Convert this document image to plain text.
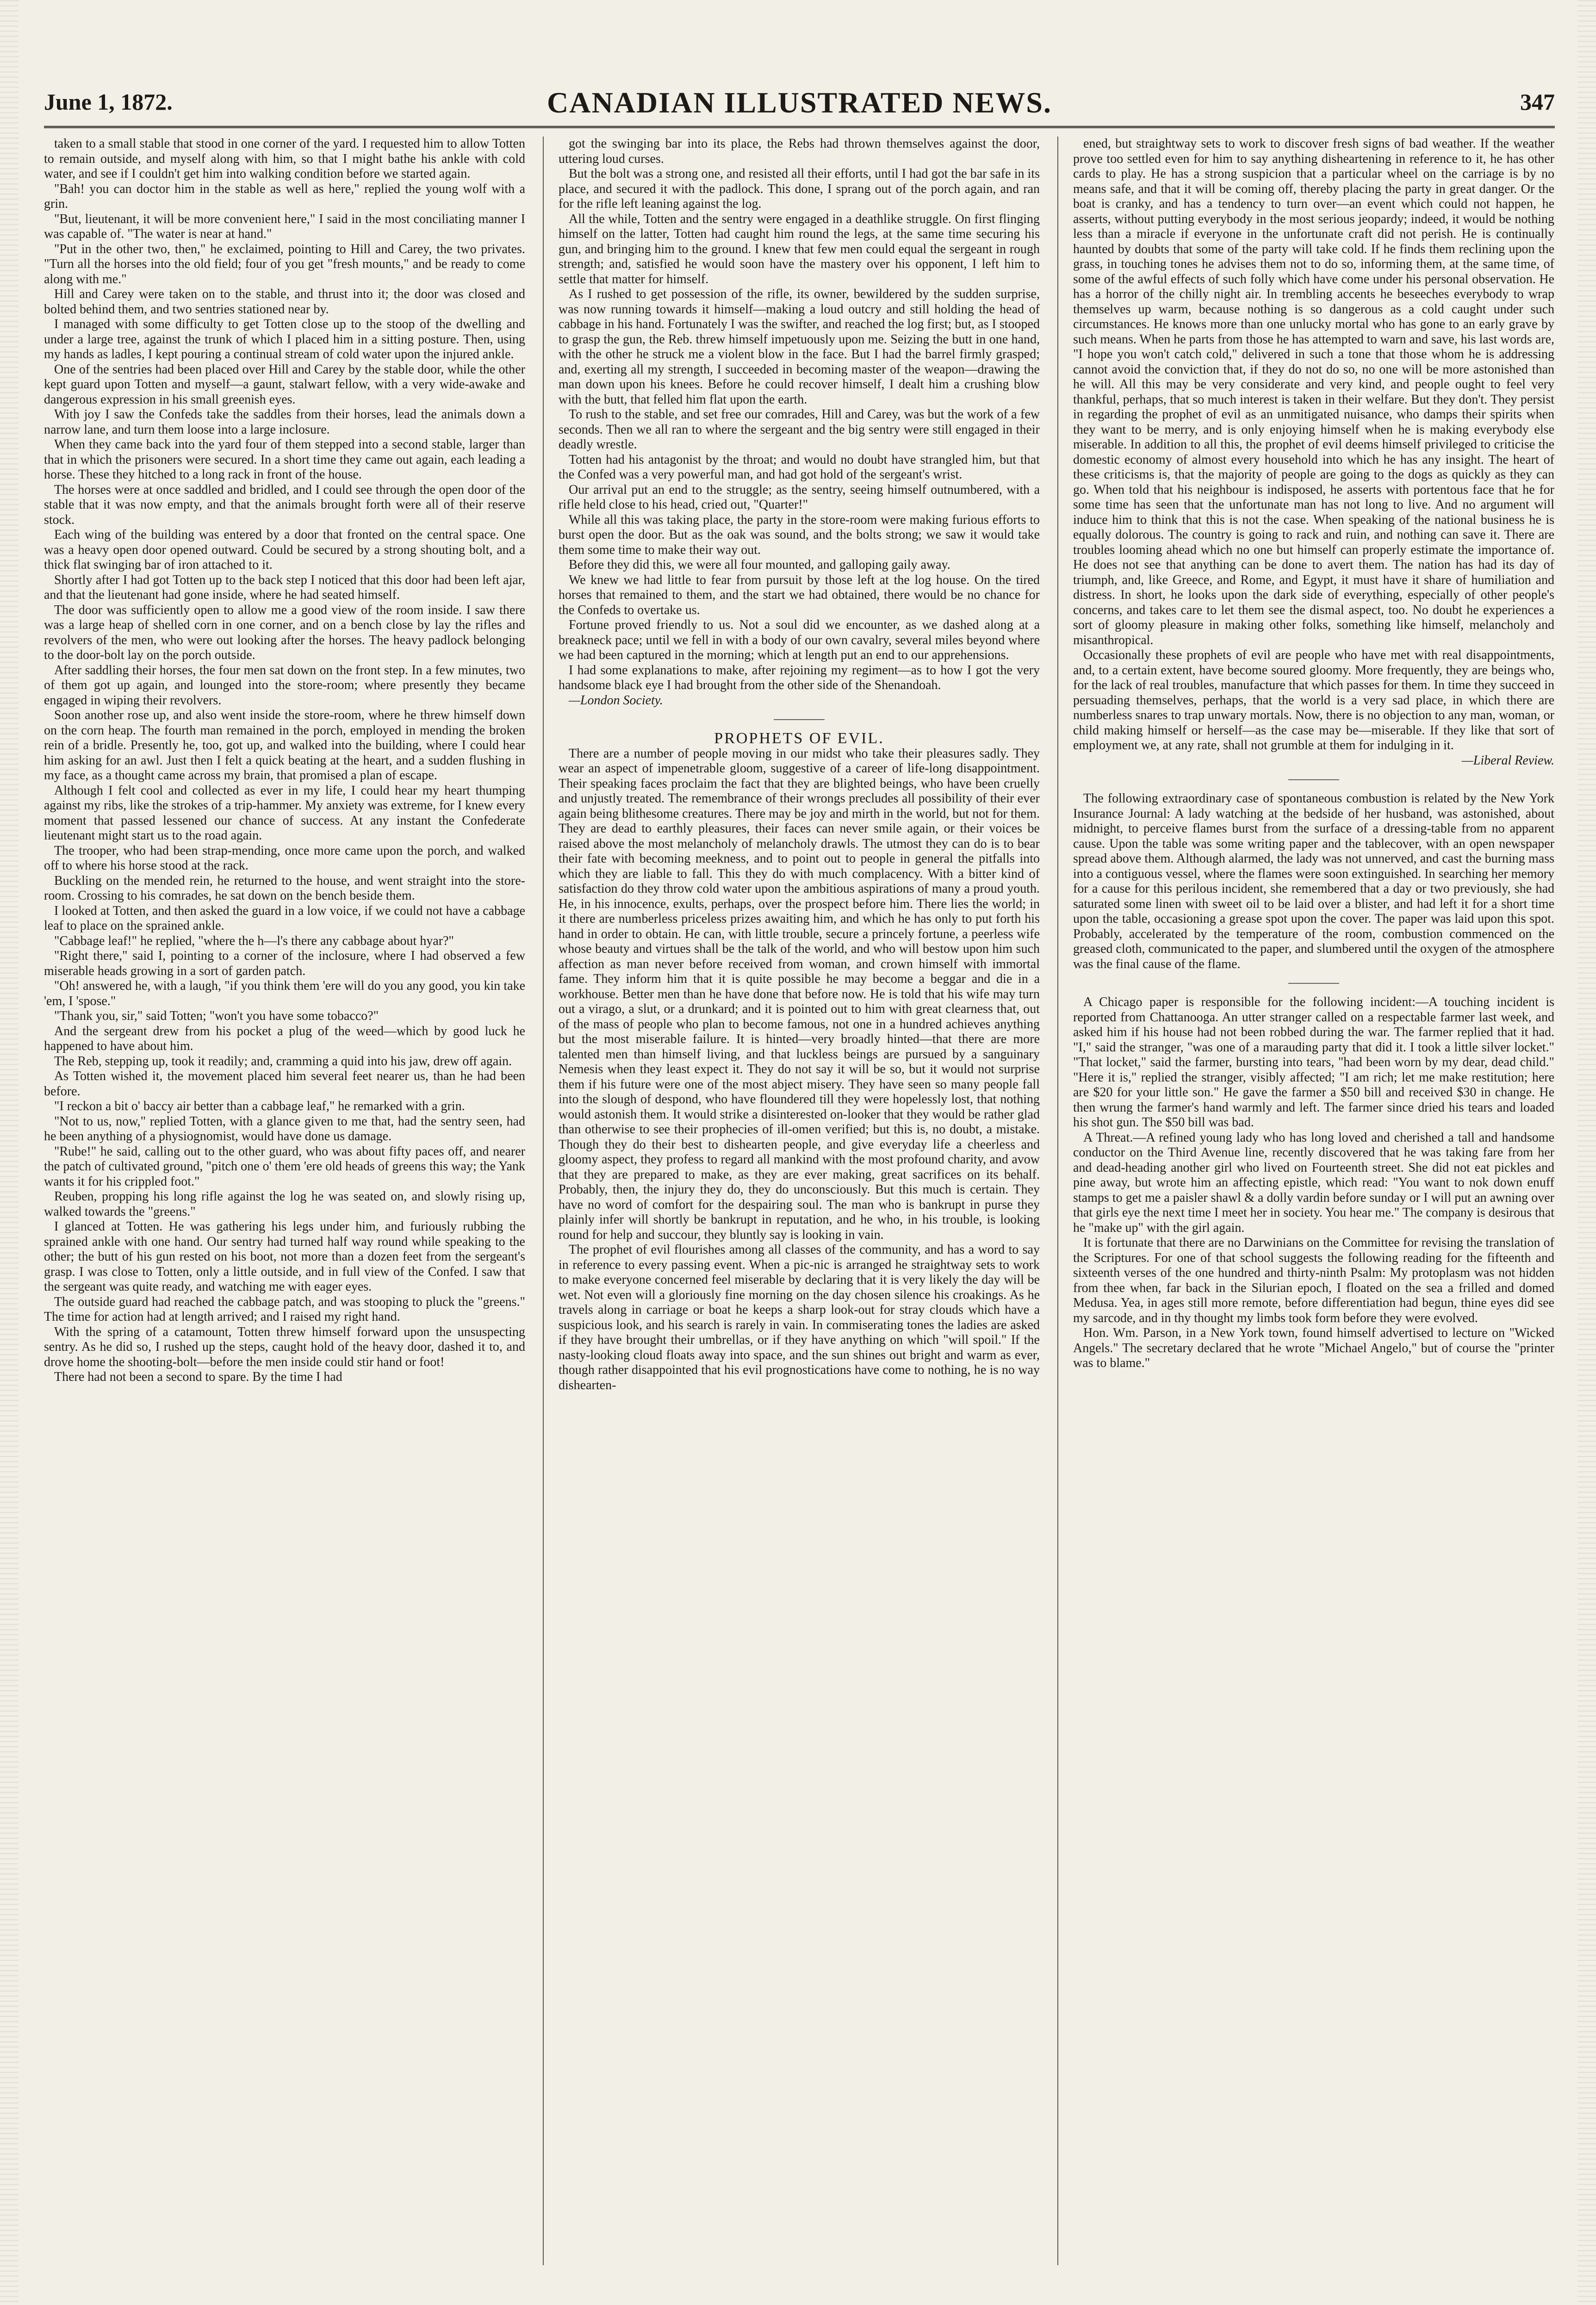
June 1, 1872.	CANADIAN ILLUSTRATED NEWS.	347

taken to a small stable that stood in one corner of the yard. I requested him to allow Totten to remain outside, and myself along with him, so that I might bathe his ankle with cold water, and see if I couldn't get him into walking condition before we started again.

"Bah! you can doctor him in the stable as well as here," replied the young wolf with a grin.

"But, lieutenant, it will be more convenient here," I said in the most conciliating manner I was capable of. "The water is near at hand."

"Put in the other two, then," he exclaimed, pointing to Hill and Carey, the two privates. "Turn all the horses into the old field; four of you get "fresh mounts," and be ready to come along with me."

Hill and Carey were taken on to the stable, and thrust into it; the door was closed and bolted behind them, and two sentries stationed near by.

I managed with some difficulty to get Totten close up to the stoop of the dwelling and under a large tree, against the trunk of which I placed him in a sitting posture. Then, using my hands as ladles, I kept pouring a continual stream of cold water upon the injured ankle.

One of the sentries had been placed over Hill and Carey by the stable door, while the other kept guard upon Totten and myself—a gaunt, stalwart fellow, with a very wide-awake and dangerous expression in his small greenish eyes.

With joy I saw the Confeds take the saddles from their horses, lead the animals down a narrow lane, and turn them loose into a large inclosure.

When they came back into the yard four of them stepped into a second stable, larger than that in which the prisoners were secured. In a short time they came out again, each leading a horse. These they hitched to a long rack in front of the house.

The horses were at once saddled and bridled, and I could see through the open door of the stable that it was now empty, and that the animals brought forth were all of their reserve stock.

Each wing of the building was entered by a door that fronted on the central space. One was a heavy open door opened outward. Could be secured by a strong shouting bolt, and a thick flat swinging bar of iron attached to it.

Shortly after I had got Totten up to the back step I noticed that this door had been left ajar, and that the lieutenant had gone inside, where he had seated himself.

The door was sufficiently open to allow me a good view of the room inside. I saw there was a large heap of shelled corn in one corner, and on a bench close by lay the rifles and revolvers of the men, who were out looking after the horses. The heavy padlock belonging to the door-bolt lay on the porch outside.

After saddling their horses, the four men sat down on the front step. In a few minutes, two of them got up again, and lounged into the store-room; where presently they became engaged in wiping their revolvers.

Soon another rose up, and also went inside the store-room, where he threw himself down on the corn heap. The fourth man remained in the porch, employed in mending the broken rein of a bridle. Presently he, too, got up, and walked into the building, where I could hear him asking for an awl. Just then I felt a quick beating at the heart, and a sudden flushing in my face, as a thought came across my brain, that promised a plan of escape.

Although I felt cool and collected as ever in my life, I could hear my heart thumping against my ribs, like the strokes of a trip-hammer. My anxiety was extreme, for I knew every moment that passed lessened our chance of success. At any instant the Confederate lieutenant might start us to the road again.

The trooper, who had been strap-mending, once more came upon the porch, and walked off to where his horse stood at the rack.

Buckling on the mended rein, he returned to the house, and went straight into the store-room. Crossing to his comrades, he sat down on the bench beside them.

I looked at Totten, and then asked the guard in a low voice, if we could not have a cabbage leaf to place on the sprained ankle.

"Cabbage leaf!" he replied, "where the h—l's there any cabbage about hyar?"

"Right there," said I, pointing to a corner of the inclosure, where I had observed a few miserable heads growing in a sort of garden patch.

"Oh! answered he, with a laugh, "if you think them 'ere will do you any good, you kin take 'em, I 'spose."

"Thank you, sir," said Totten; "won't you have some tobacco?"

And the sergeant drew from his pocket a plug of the weed—which by good luck he happened to have about him.

The Reb, stepping up, took it readily; and, cramming a quid into his jaw, drew off again.

As Totten wished it, the movement placed him several feet nearer us, than he had been before.

"I reckon a bit o' baccy air better than a cabbage leaf," he remarked with a grin.

"Not to us, now," replied Totten, with a glance given to me that, had the sentry seen, had he been anything of a physiognomist, would have done us damage.

"Rube!" he said, calling out to the other guard, who was about fifty paces off, and nearer the patch of cultivated ground, "pitch one o' them 'ere old heads of greens this way; the Yank wants it for his crippled foot."

Reuben, propping his long rifle against the log he was seated on, and slowly rising up, walked towards the "greens."

I glanced at Totten. He was gathering his legs under him, and furiously rubbing the sprained ankle with one hand. Our sentry had turned half way round while speaking to the other; the butt of his gun rested on his boot, not more than a dozen feet from the sergeant's grasp. I was close to Totten, only a little outside, and in full view of the Confed. I saw that the sergeant was quite ready, and watching me with eager eyes.

The outside guard had reached the cabbage patch, and was stooping to pluck the "greens." The time for action had at length arrived; and I raised my right hand.

With the spring of a catamount, Totten threw himself forward upon the unsuspecting sentry. As he did so, I rushed up the steps, caught hold of the heavy door, dashed it to, and drove home the shooting-bolt—before the men inside could stir hand or foot!

There had not been a second to spare. By the time I had

got the swinging bar into its place, the Rebs had thrown themselves against the door, uttering loud curses.

But the bolt was a strong one, and resisted all their efforts, until I had got the bar safe in its place, and secured it with the padlock. This done, I sprang out of the porch again, and ran for the rifle left leaning against the log.

All the while, Totten and the sentry were engaged in a deathlike struggle. On first flinging himself on the latter, Totten had caught him round the legs, at the same time securing his gun, and bringing him to the ground. I knew that few men could equal the sergeant in rough strength; and, satisfied he would soon have the mastery over his opponent, I left him to settle that matter for himself.

As I rushed to get possession of the rifle, its owner, bewildered by the sudden surprise, was now running towards it himself—making a loud outcry and still holding the head of cabbage in his hand. Fortunately I was the swifter, and reached the log first; but, as I stooped to grasp the gun, the Reb. threw himself impetuously upon me. Seizing the butt in one hand, with the other he struck me a violent blow in the face. But I had the barrel firmly grasped; and, exerting all my strength, I succeeded in becoming master of the weapon—drawing the man down upon his knees. Before he could recover himself, I dealt him a crushing blow with the butt, that felled him flat upon the earth.

To rush to the stable, and set free our comrades, Hill and Carey, was but the work of a few seconds. Then we all ran to where the sergeant and the big sentry were still engaged in their deadly wrestle.

Totten had his antagonist by the throat; and would no doubt have strangled him, but that the Confed was a very powerful man, and had got hold of the sergeant's wrist.

Our arrival put an end to the struggle; as the sentry, seeing himself outnumbered, with a rifle held close to his head, cried out, "Quarter!"

While all this was taking place, the party in the store-room were making furious efforts to burst open the door. But as the oak was sound, and the bolts strong; we saw it would take them some time to make their way out.

Before they did this, we were all four mounted, and galloping gaily away.

We knew we had little to fear from pursuit by those left at the log house. On the tired horses that remained to them, and the start we had obtained, there would be no chance for the Confeds to overtake us.

Fortune proved friendly to us. Not a soul did we encounter, as we dashed along at a breakneck pace; until we fell in with a body of our own cavalry, several miles beyond where we had been captured in the morning; which at length put an end to our apprehensions.

I had some explanations to make, after rejoining my regiment—as to how I got the very handsome black eye I had brought from the other side of the Shenandoah.

—London Society.

PROPHETS OF EVIL.

There are a number of people moving in our midst who take their pleasures sadly. They wear an aspect of impenetrable gloom, suggestive of a career of life-long disappointment. Their speaking faces proclaim the fact that they are blighted beings, who have been cruelly and unjustly treated. The remembrance of their wrongs precludes all possibility of their ever again being blithesome creatures. There may be joy and mirth in the world, but not for them. They are dead to earthly pleasures, their faces can never smile again, or their voices be raised above the most melancholy of melancholy drawls. The utmost they can do is to bear their fate with becoming meekness, and to point out to people in general the pitfalls into which they are liable to fall. This they do with much complacency. With a bitter kind of satisfaction do they throw cold water upon the ambitious aspirations of many a proud youth. He, in his innocence, exults, perhaps, over the prospect before him. There lies the world; in it there are numberless priceless prizes awaiting him, and which he has only to put forth his hand in order to obtain. He can, with little trouble, secure a princely fortune, a peerless wife whose beauty and virtues shall be the talk of the world, and who will bestow upon him such affection as man never before received from woman, and crown himself with immortal fame. They inform him that it is quite possible he may become a beggar and die in a workhouse. Better men than he have done that before now. He is told that his wife may turn out a virago, a slut, or a drunkard; and it is pointed out to him with great clearness that, out of the mass of people who plan to become famous, not one in a hundred achieves anything but the most miserable failure. It is hinted—very broadly hinted—that there are more talented men than himself living, and that luckless beings are pursued by a sanguinary Nemesis when they least expect it. They do not say it will be so, but it would not surprise them if his future were one of the most abject misery. They have seen so many people fall into the slough of despond, who have floundered till they were hopelessly lost, that nothing would astonish them. It would strike a disinterested on-looker that they would be rather glad than otherwise to see their prophecies of ill-omen verified; but this is, no doubt, a mistake. Though they do their best to dishearten people, and give everyday life a cheerless and gloomy aspect, they profess to regard all mankind with the most profound charity, and avow that they are prepared to make, as they are ever making, great sacrifices on its behalf. Probably, then, the injury they do, they do unconsciously. But this much is certain. They have no word of comfort for the despairing soul. The man who is bankrupt in purse they plainly infer will shortly be bankrupt in reputation, and he who, in his trouble, is looking round for help and succour, they bluntly say is looking in vain.

The prophet of evil flourishes among all classes of the community, and has a word to say in reference to every passing event. When a pic-nic is arranged he straightway sets to work to make everyone concerned feel miserable by declaring that it is very likely the day will be wet. Not even will a gloriously fine morning on the day chosen silence his croakings. As he travels along in carriage or boat he keeps a sharp look-out for stray clouds which have a suspicious look, and his search is rarely in vain. In commiserating tones the ladies are asked if they have brought their umbrellas, or if they have anything on which "will spoil." If the nasty-looking cloud floats away into space, and the sun shines out bright and warm as ever, though rather disappointed that his evil prognostications have come to nothing, he is no way dishearten-

ened, but straightway sets to work to discover fresh signs of bad weather. If the weather prove too settled even for him to say anything disheartening in reference to it, he has other cards to play. He has a strong suspicion that a particular wheel on the carriage is by no means safe, and that it will be coming off, thereby placing the party in great danger. Or the boat is cranky, and has a tendency to turn over—an event which could not happen, he asserts, without putting everybody in the most serious jeopardy; indeed, it would be nothing less than a miracle if everyone in the unfortunate craft did not perish. He is continually haunted by doubts that some of the party will take cold. If he finds them reclining upon the grass, in touching tones he advises them not to do so, informing them, at the same time, of some of the awful effects of such folly which have come under his personal observation. He has a horror of the chilly night air. In trembling accents he beseeches everybody to wrap themselves up warm, because nothing is so dangerous as a cold caught under such circumstances. He knows more than one unlucky mortal who has gone to an early grave by such means. When he parts from those he has attempted to warn and save, his last words are, "I hope you won't catch cold," delivered in such a tone that those whom he is addressing cannot avoid the conviction that, if they do not do so, no one will be more astonished than he will. All this may be very considerate and very kind, and people ought to feel very thankful, perhaps, that so much interest is taken in their welfare. But they don't. They persist in regarding the prophet of evil as an unmitigated nuisance, who damps their spirits when they want to be merry, and is only enjoying himself when he is making everybody else miserable. In addition to all this, the prophet of evil deems himself privileged to criticise the domestic economy of almost every household into which he has any insight. The heart of these criticisms is, that the majority of people are going to the dogs as quickly as they can go. When told that his neighbour is indisposed, he asserts with portentous face that he for some time has seen that the unfortunate man has not long to live. And no argument will induce him to think that this is not the case. When speaking of the national business he is equally dolorous. The country is going to rack and ruin, and nothing can save it. There are troubles looming ahead which no one but himself can properly estimate the importance of. He does not see that anything can be done to avert them. The nation has had its day of triumph, and, like Greece, and Rome, and Egypt, it must have it share of humiliation and distress. In short, he looks upon the dark side of everything, especially of other people's concerns, and takes care to let them see the dismal aspect, too. No doubt he experiences a sort of gloomy pleasure in making other folks, something like himself, melancholy and misanthropical.

Occasionally these prophets of evil are people who have met with real disappointments, and, to a certain extent, have become soured gloomy. More frequently, they are beings who, for the lack of real troubles, manufacture that which passes for them. In time they succeed in persuading themselves, perhaps, that the world is a very sad place, in which there are numberless snares to trap unwary mortals. Now, there is no objection to any man, woman, or child making himself or herself—as the case may be—miserable. If they like that sort of employment we, at any rate, shall not grumble at them for indulging in it.

—Liberal Review.

The following extraordinary case of spontaneous combustion is related by the New York Insurance Journal: A lady watching at the bedside of her husband, was astonished, about midnight, to perceive flames burst from the surface of a dressing-table from no apparent cause. Upon the table was some writing paper and the tablecover, with an open newspaper spread above them. Although alarmed, the lady was not unnerved, and cast the burning mass into a contiguous vessel, where the flames were soon extinguished. In searching her memory for a cause for this perilous incident, she remembered that a day or two previously, she had saturated some linen with sweet oil to be laid over a blister, and had left it for a short time upon the table, occasioning a grease spot upon the cover. The paper was laid upon this spot. Probably, accelerated by the temperature of the room, combustion commenced on the greased cloth, communicated to the paper, and slumbered until the oxygen of the atmosphere was the final cause of the flame.

A Chicago paper is responsible for the following incident:—A touching incident is reported from Chattanooga. An utter stranger called on a respectable farmer last week, and asked him if his house had not been robbed during the war. The farmer replied that it had. "I," said the stranger, "was one of a marauding party that did it. I took a little silver locket." "That locket," said the farmer, bursting into tears, "had been worn by my dear, dead child." "Here it is," replied the stranger, visibly affected; "I am rich; let me make restitution; here are $20 for your little son." He gave the farmer a $50 bill and received $30 in change. He then wrung the farmer's hand warmly and left. The farmer since dried his tears and loaded his shot gun. The $50 bill was bad.

A Threat.—A refined young lady who has long loved and cherished a tall and handsome conductor on the Third Avenue line, recently discovered that he was taking fare from her and dead-heading another girl who lived on Fourteenth street. She did not eat pickles and pine away, but wrote him an affecting epistle, which read: "You want to nok down enuff stamps to get me a paisler shawl & a dolly vardin before sunday or I will put an awning over that girls eye the next time I meet her in society. You hear me." The company is desirous that he "make up" with the girl again.

It is fortunate that there are no Darwinians on the Committee for revising the translation of the Scriptures. For one of that school suggests the following reading for the fifteenth and sixteenth verses of the one hundred and thirty-ninth Psalm: My protoplasm was not hidden from thee when, far back in the Silurian epoch, I floated on the sea a frilled and domed Medusa. Yea, in ages still more remote, before differentiation had begun, thine eyes did see my sarcode, and in thy thought my limbs took form before they were evolved.

Hon. Wm. Parson, in a New York town, found himself advertised to lecture on "Wicked Angels." The secretary declared that he wrote "Michael Angelo," but of course the "printer was to blame."
